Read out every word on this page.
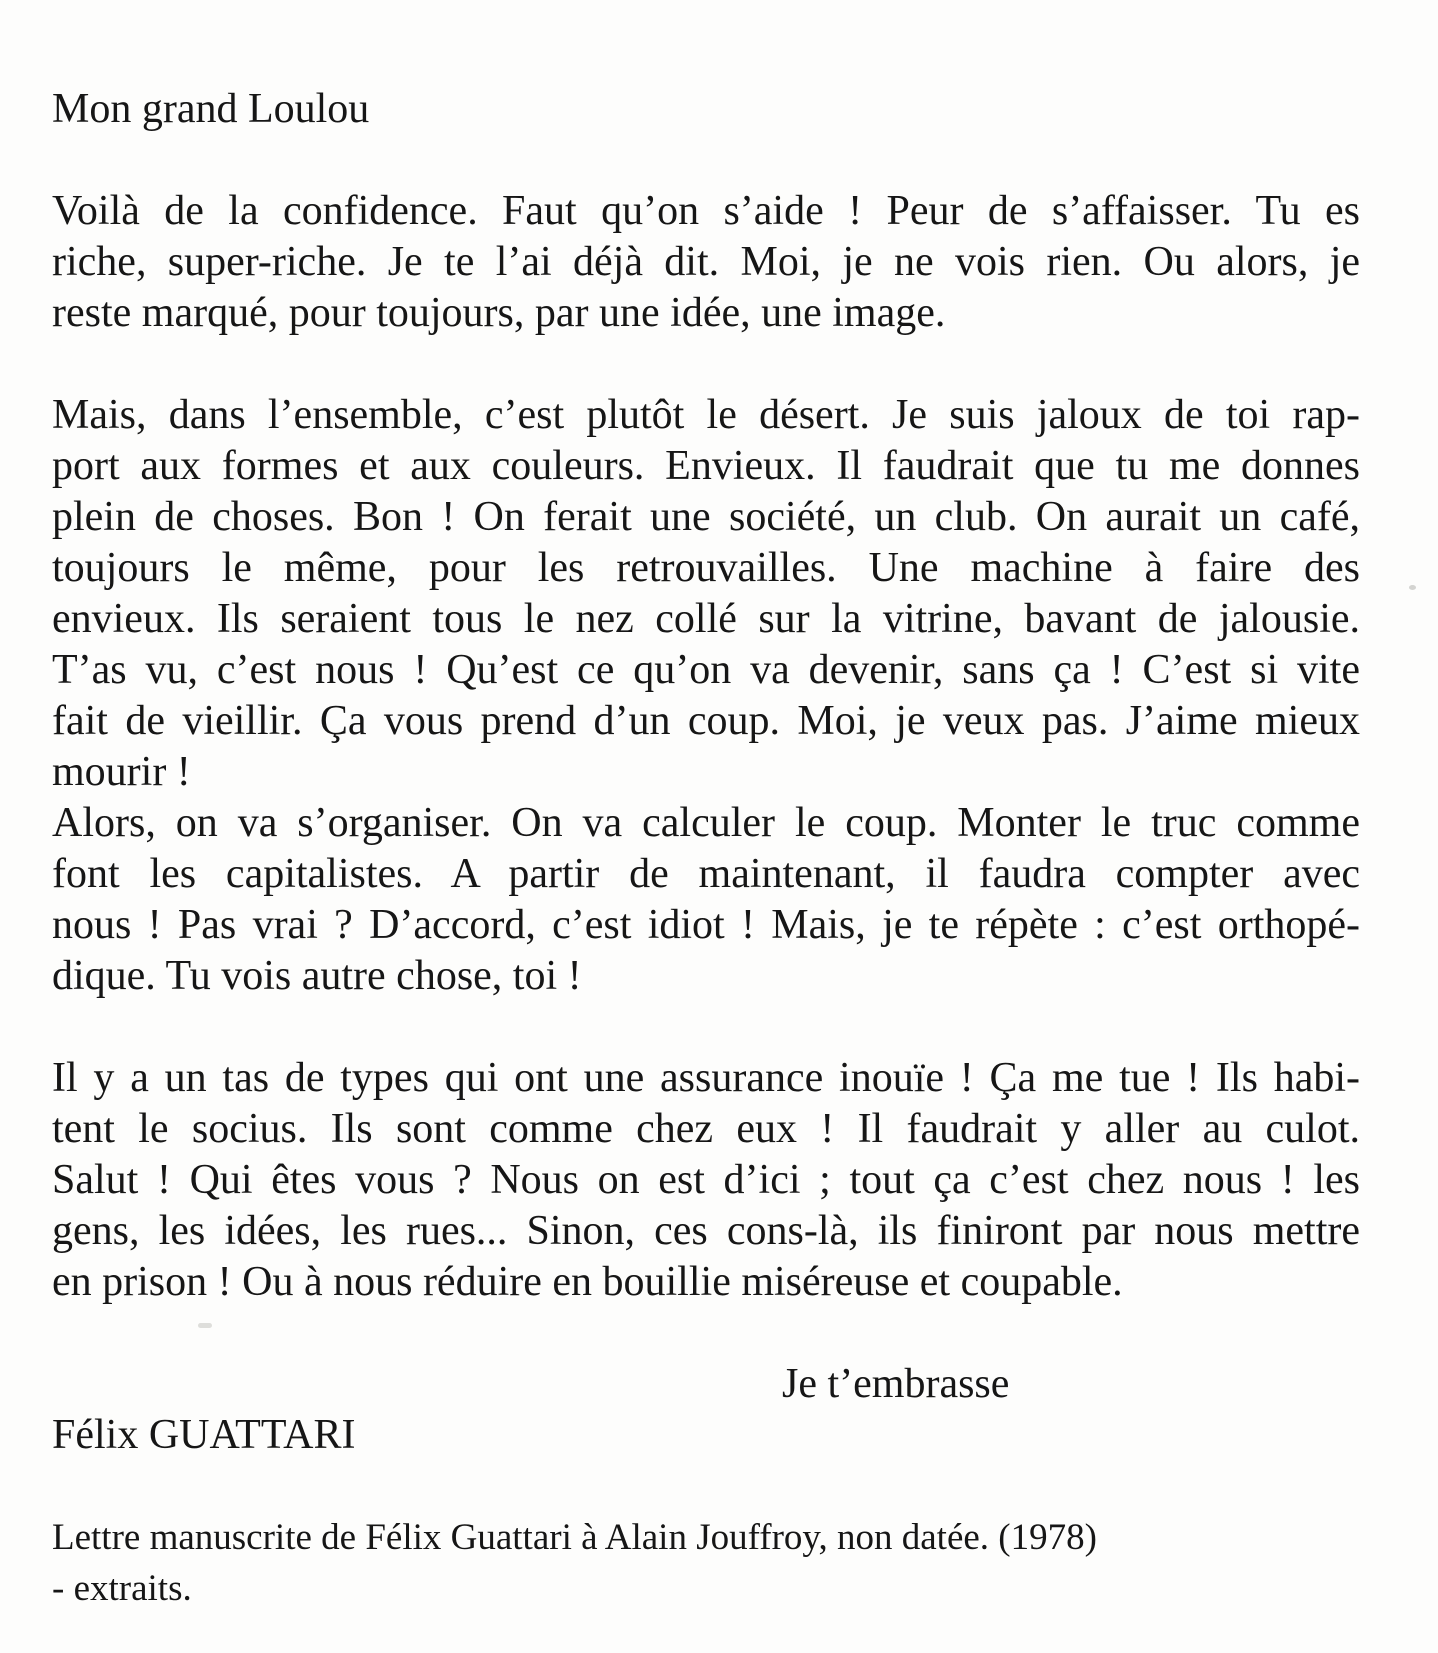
Mon grand Loulou
Voilà de la confidence. Faut qu’on s’aide ! Peur de s’affaisser. Tu es
riche, super-riche. Je te l’ai déjà dit. Moi, je ne vois rien. Ou alors, je
reste marqué, pour toujours, par une idée, une image.
Mais, dans l’ensemble, c’est plutôt le désert. Je suis jaloux de toi rap-
port aux formes et aux couleurs. Envieux. Il faudrait que tu me donnes
plein de choses. Bon ! On ferait une société, un club. On aurait un café,
toujours le même, pour les retrouvailles. Une machine à faire des
envieux. Ils seraient tous le nez collé sur la vitrine, bavant de jalousie.
T’as vu, c’est nous ! Qu’est ce qu’on va devenir, sans ça ! C’est si vite
fait de vieillir. Ça vous prend d’un coup. Moi, je veux pas. J’aime mieux
mourir !
Alors, on va s’organiser. On va calculer le coup. Monter le truc comme
font les capitalistes. A partir de maintenant, il faudra compter avec
nous ! Pas vrai ? D’accord, c’est idiot ! Mais, je te répète : c’est orthopé-
dique. Tu vois autre chose, toi !
Il y a un tas de types qui ont une assurance inouïe ! Ça me tue ! Ils habi-
tent le socius. Ils sont comme chez eux ! Il faudrait y aller au culot.
Salut ! Qui êtes vous ? Nous on est d’ici ; tout ça c’est chez nous ! les
gens, les idées, les rues... Sinon, ces cons-là, ils finiront par nous mettre
en prison ! Ou à nous réduire en bouillie miséreuse et coupable.
Je t’embrasse
Félix GUATTARI
Lettre manuscrite de Félix Guattari à Alain Jouffroy, non datée. (1978)
- extraits.
